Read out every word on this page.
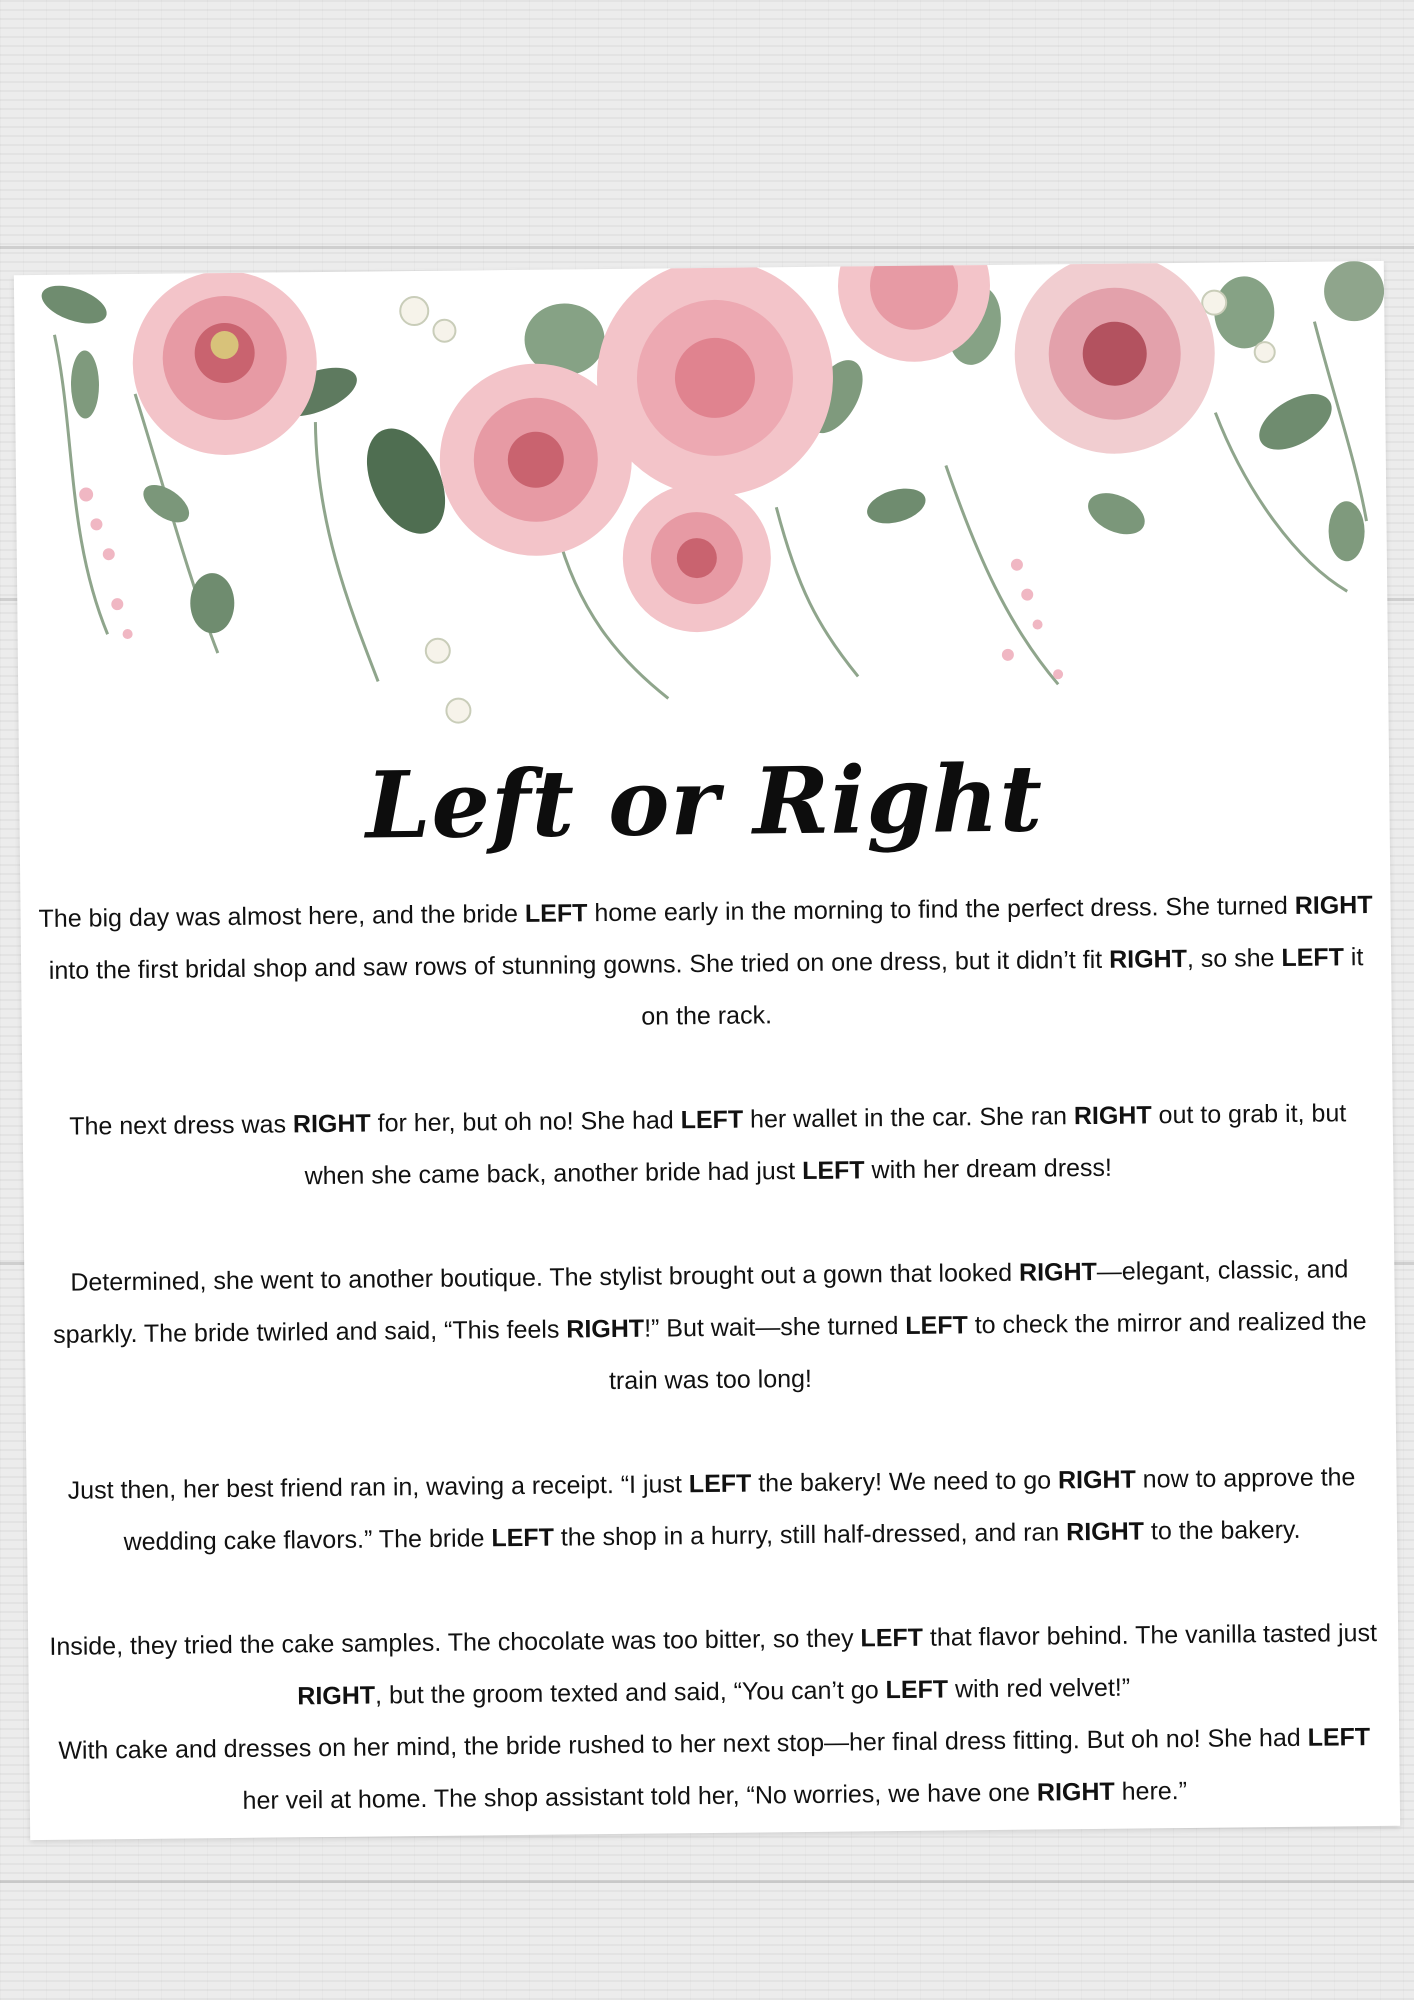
Left or Right

The big day was almost here, and the bride LEFT home early in the morning to find the perfect dress. She turned RIGHT into the first bridal shop and saw rows of stunning gowns. She tried on one dress, but it didn’t fit RIGHT, so she LEFT it on the rack.

The next dress was RIGHT for her, but oh no! She had LEFT her wallet in the car. She ran RIGHT out to grab it, but when she came back, another bride had just LEFT with her dream dress!

Determined, she went to another boutique. The stylist brought out a gown that looked RIGHT—elegant, classic, and sparkly. The bride twirled and said, “This feels RIGHT!” But wait—she turned LEFT to check the mirror and realized the train was too long!

Just then, her best friend ran in, waving a receipt. “I just LEFT the bakery! We need to go RIGHT now to approve the wedding cake flavors.” The bride LEFT the shop in a hurry, still half-dressed, and ran RIGHT to the bakery.

Inside, they tried the cake samples. The chocolate was too bitter, so they LEFT that flavor behind. The vanilla tasted just RIGHT, but the groom texted and said, “You can’t go LEFT with red velvet!”

With cake and dresses on her mind, the bride rushed to her next stop—her final dress fitting. But oh no! She had LEFT her veil at home. The shop assistant told her, “No worries, we have one RIGHT here.”
